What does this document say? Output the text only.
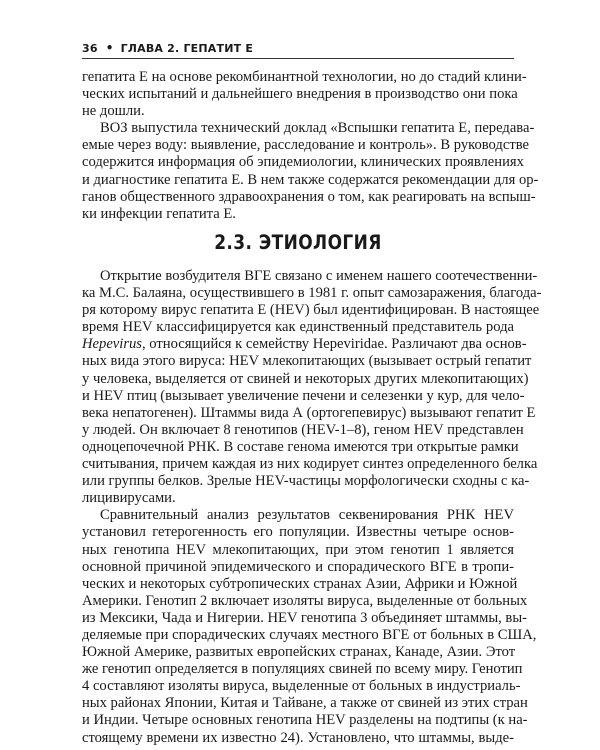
36 • ГЛАВА 2. ГЕПАТИТ Е

гепатита Е на основе рекомбинантной технологии, но до стадий клини-
ческих испытаний и дальнейшего внедрения в производство они пока
не дошли.

ВОЗ выпустила технический доклад «Вспышки гепатита Е, передава-
емые через воду: выявление, расследование и контроль». В руководстве
содержится информация об эпидемиологии, клинических проявлениях
и диагностике гепатита Е. В нем также содержатся рекомендации для ор-
ганов общественного здравоохранения о том, как реагировать на вспыш-
ки инфекции гепатита Е.

2.3. ЭТИОЛОГИЯ

Открытие возбудителя ВГЕ связано с именем нашего соотечественни-
ка М.С. Балаяна, осуществившего в 1981 г. опыт самозаражения, благода-
ря которому вирус гепатита Е (HEV) был идентифицирован. В настоящее
время HEV классифицируется как единственный представитель рода
Hepevirus, относящийся к семейству Hepeviridae. Различают два основ-
ных вида этого вируса: HEV млекопитающих (вызывает острый гепатит
у человека, выделяется от свиней и некоторых других млекопитающих)
и HEV птиц (вызывает увеличение печени и селезенки у кур, для чело-
века непатогенен). Штаммы вида А (ортогепевирус) вызывают гепатит Е
у людей. Он включает 8 генотипов (HEV-1–8), геном HEV представлен
одноцепочечной РНК. В составе генома имеются три открытые рамки
считывания, причем каждая из них кодирует синтез определенного белка
или группы белков. Зрелые HEV-частицы морфологически сходны с ка-
лицивирусами.

Сравнительный анализ результатов секвенирования РНК HEV
установил гетерогенность его популяции. Известны четыре основ-
ных генотипа HEV млекопитающих, при этом генотип 1 является
основной причиной эпидемического и спорадического ВГЕ в тропи-
ческих и некоторых субтропических странах Азии, Африки и Южной
Америки. Генотип 2 включает изоляты вируса, выделенные от больных
из Мексики, Чада и Нигерии. HEV генотипа 3 объединяет штаммы, вы-
деляемые при спорадических случаях местного ВГЕ от больных в США,
Южной Америке, развитых европейских странах, Канаде, Азии. Этот
же генотип определяется в популяциях свиней по всему миру. Генотип
4 составляют изоляты вируса, выделенные от больных в индустриаль-
ных районах Японии, Китая и Тайване, а также от свиней из этих стран
и Индии. Четыре основных генотипа HEV разделены на подтипы (к на-
стоящему времени их известно 24). Установлено, что штаммы, выде-
